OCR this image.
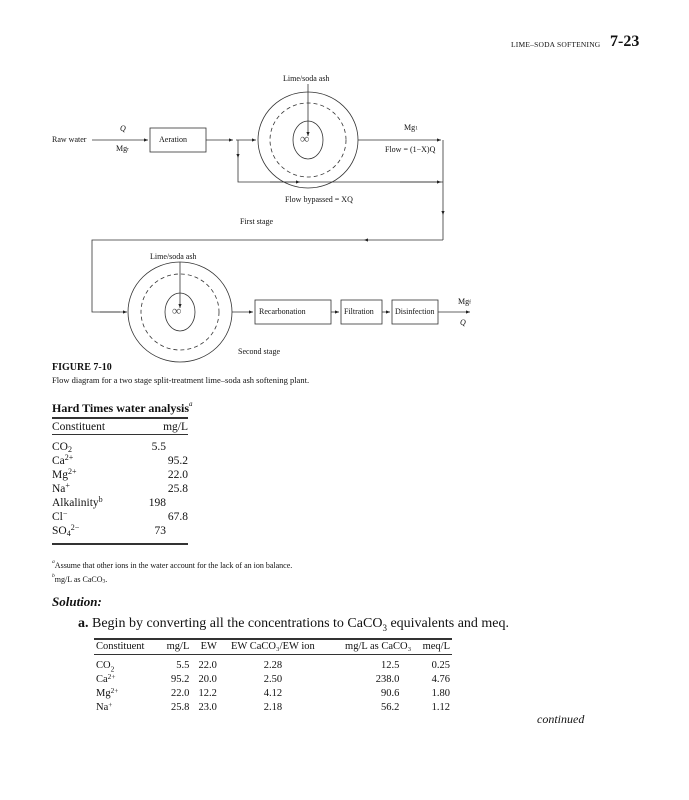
LIME–SODA SOFTENING 7-23
Raw water
Q
Mgr
Aeration
Lime/soda ash
∞
Mg1
Flow = (1−X)Q
Flow bypassed = XQ
First stage
Lime/soda ash
∞	Recarbonation	Filtration	Disinfection
Mgf
Q
Second stage
FIGURE 7-10
Flow diagram for a two stage split-treatment lime–soda ash softening plant.
Hard Times water analysis$^a$
Constituent	mg/L

CO2	5.5
$Ca^{2+}$	95.2
$Mg^{2+}$	22.0
Na+	25.8
Alkalinity$^b$	198
Cl−	67.8
$SO4^{2-}$	73

$^a$Assume that other ions in the water account for the lack of an ion balance.
$^b$mg/L as CaCO3.
Solution:
a. Begin by converting all the concentrations to CaCO3 equivalents and meq.
Constituent	mg/L	EW	EW CaCO₃/EW ion	mg/L as CaCO₃	meq/L

CO2	5.5	22.0	2.28	12.5	0.25
$Ca^{2+}$	95.2	20.0	2.50	238.0	4.76
$Mg^{2+}$	22.0	12.2	4.12	90.6	1.80
Na+	25.8	23.0	2.18	56.2	1.12
continued
